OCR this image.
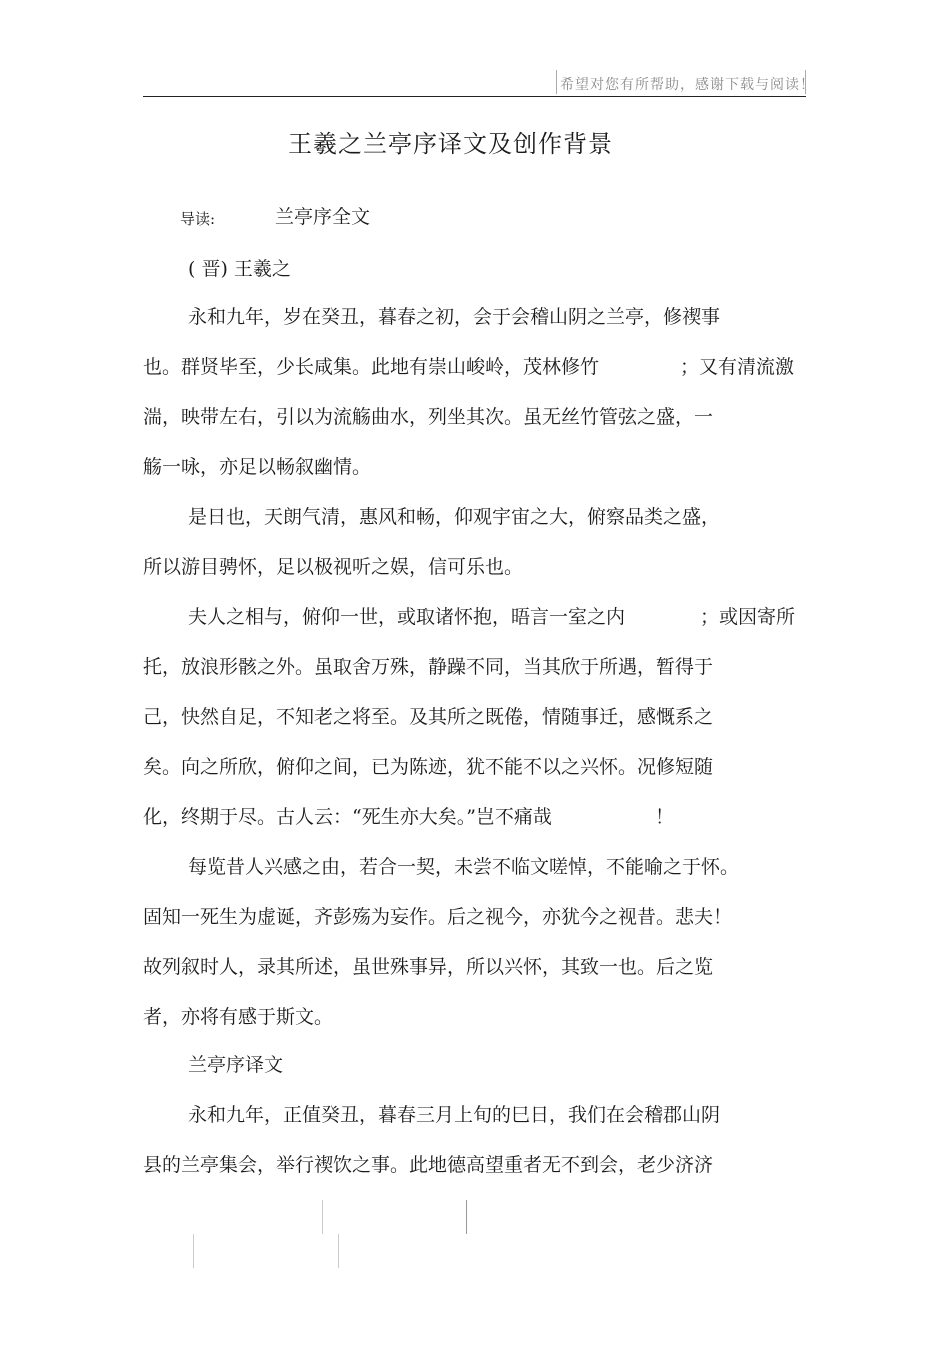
希望对您有所帮助，感谢下载与阅读！
王羲之兰亭序译文及创作背景
导读:	兰亭序全文
( 晋) 王羲之
永和九年，岁在癸丑，暮春之初，会于会稽山阴之兰亭，修禊事
也。群贤毕至，少长咸集。此地有崇山峻岭，茂林修竹	；又有清流激
湍，映带左右，引以为流觞曲水，列坐其次。虽无丝竹管弦之盛，一
觞一咏，亦足以畅叙幽情。
是日也，天朗气清，惠风和畅，仰观宇宙之大，俯察品类之盛，
所以游目骋怀，足以极视听之娱，信可乐也。
夫人之相与，俯仰一世，或取诸怀抱，晤言一室之内	；或因寄所
托，放浪形骸之外。虽取舍万殊，静躁不同，当其欣于所遇，暂得于
己，快然自足，不知老之将至。及其所之既倦，情随事迁，感慨系之
矣。向之所欣，俯仰之间，已为陈迹，犹不能不以之兴怀。况修短随
化，终期于尽。古人云：“死生亦大矣。”岂不痛哉	！
每览昔人兴感之由，若合一契，未尝不临文嗟悼，不能喻之于怀。
固知一死生为虚诞，齐彭殇为妄作。后之视今，亦犹今之视昔。悲夫！
故列叙时人，录其所述，虽世殊事异，所以兴怀，其致一也。后之览
者，亦将有感于斯文。
兰亭序译文
永和九年，正值癸丑，暮春三月上旬的巳日，我们在会稽郡山阴
县的兰亭集会，举行禊饮之事。此地德高望重者无不到会，老少济济
